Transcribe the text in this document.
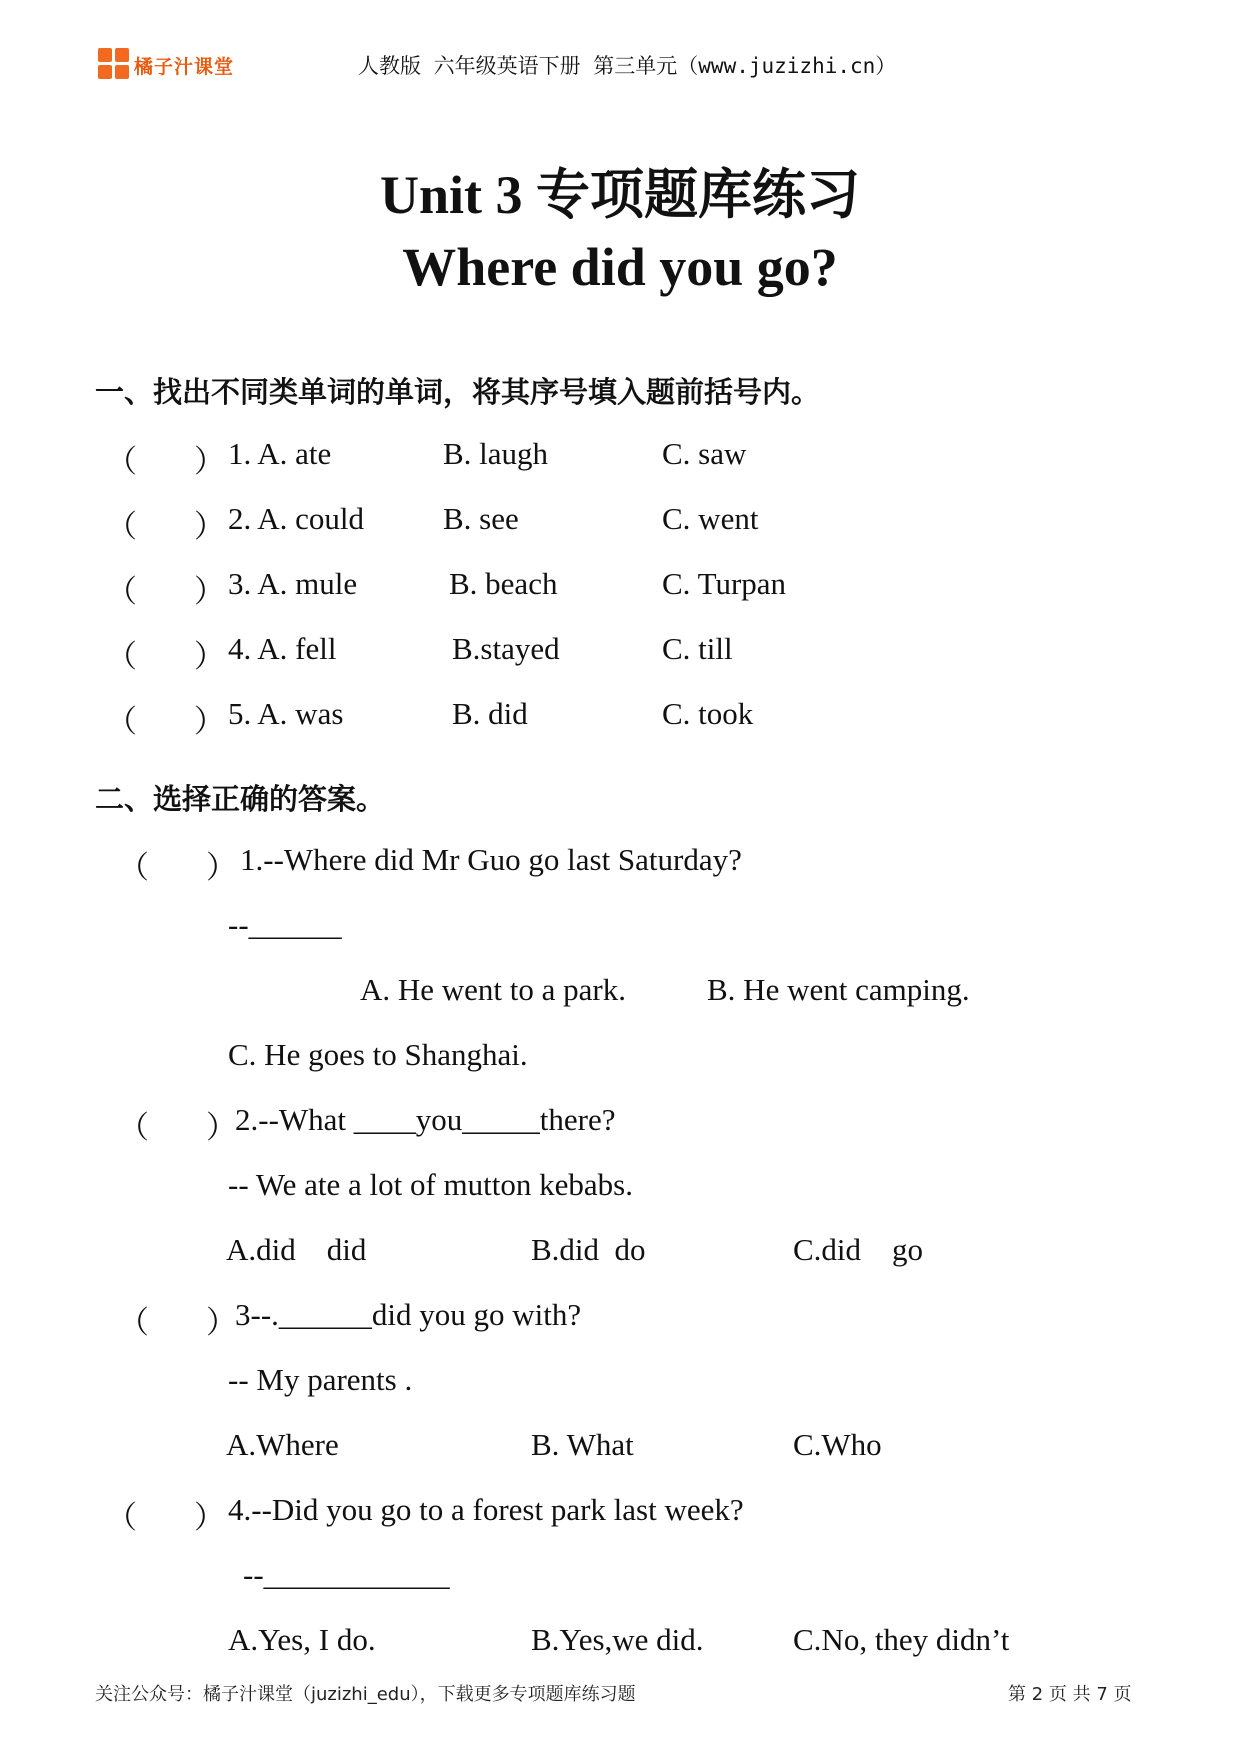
橘子汁课堂	人教版 六年级英语下册 第三单元（www.juzizhi.cn）
Unit 3 专项题库练习
Where did you go?
一、找出不同类单词的单词，将其序号填入题前括号内。
（ ） 1. A. ate	B. laugh	C. saw
（ ） 2. A. could	B. see	C. went
（ ） 3. A. mule	B. beach	C. Turpan
（ ） 4. A. fell	B.stayed	C. till
（ ） 5. A. was	B. did	C. took
二、选择正确的答案。
（ ） 1.--Where did Mr Guo go last Saturday?
--______
A. He went to a park.	B. He went camping.
C. He goes to Shanghai.
（ ）
2.--What ____you_____there?
-- We ate a lot of mutton kebabs.
A.did    did	B.did  do	C.did    go
（ ）
3--.______did you go with?
-- My parents .
A.Where	B. What	C.Who
（ ） 4.--Did you go to a forest park last week?
--____________
A.Yes, I do.	B.Yes,we did.	C.No, they didn’t
关注公众号：橘子汁课堂（juzizhi_edu），下载更多专项题库练习题	第 2 页 共 7 页
